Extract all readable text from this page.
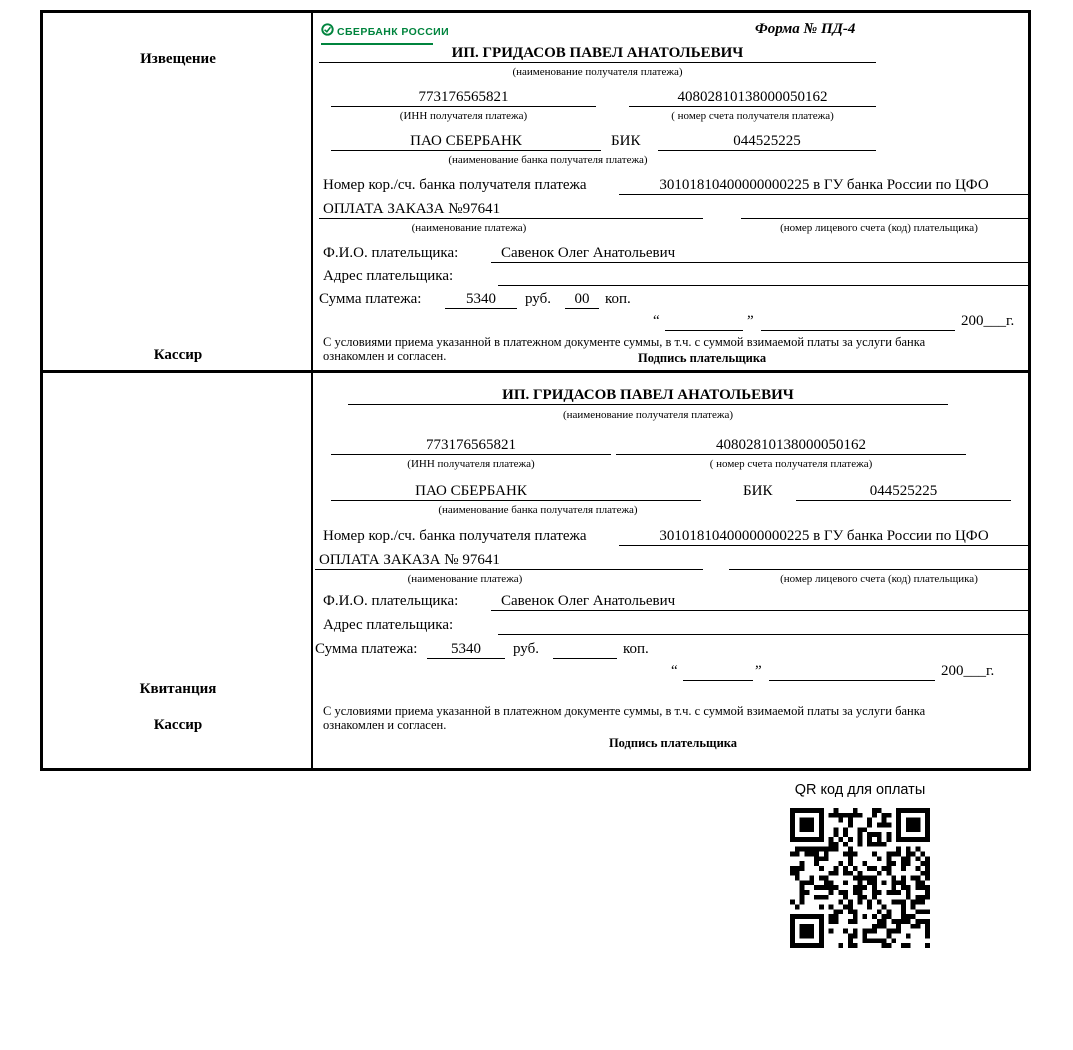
Извещение
Кассир
СБЕРБАНК РОССИИ	Форма № ПД-4
ИП. ГРИДАСОВ ПАВЕЛ АНАТОЛЬЕВИЧ
(наименование получателя платежа)
773176565821	40802810138000050162
(ИНН получателя платежа)	( номер счета получателя платежа)
ПАО СБЕРБАНК	БИК	044525225
(наименование банка получателя платежа)
Номер кор./сч. банка получателя платежа	30101810400000000225 в ГУ банка России по ЦФО
ОПЛАТА ЗАКАЗА №97641
(наименование платежа)	(номер лицевого счета (код) плательщика)
Ф.И.О. плательщика:	Савенок Олег Анатольевич
Адрес плательщика:
Сумма платежа:	5340	руб.	00	коп.
“	”	200___г.
С условиями приема указанной в платежном документе суммы, в т.ч. с суммой взимаемой платы за услуги банка
ознакомлен и согласен.	Подпись плательщика
Квитанция
Кассир
ИП. ГРИДАСОВ ПАВЕЛ АНАТОЛЬЕВИЧ
(наименование получателя платежа)
773176565821	40802810138000050162
(ИНН получателя платежа)	( номер счета получателя платежа)
ПАО СБЕРБАНК	БИК	044525225
(наименование банка получателя платежа)
Номер кор./сч. банка получателя платежа	30101810400000000225 в ГУ банка России по ЦФО
ОПЛАТА ЗАКАЗА № 97641
(наименование платежа)	(номер лицевого счета (код) плательщика)
Ф.И.О. плательщика:	Савенок Олег Анатольевич
Адрес плательщика:
Сумма платежа:	5340	руб.	коп.
“	”	200___г.
С условиями приема указанной в платежном документе суммы, в т.ч. с суммой взимаемой платы за услуги банка
ознакомлен и согласен.
Подпись плательщика
QR код для оплаты
